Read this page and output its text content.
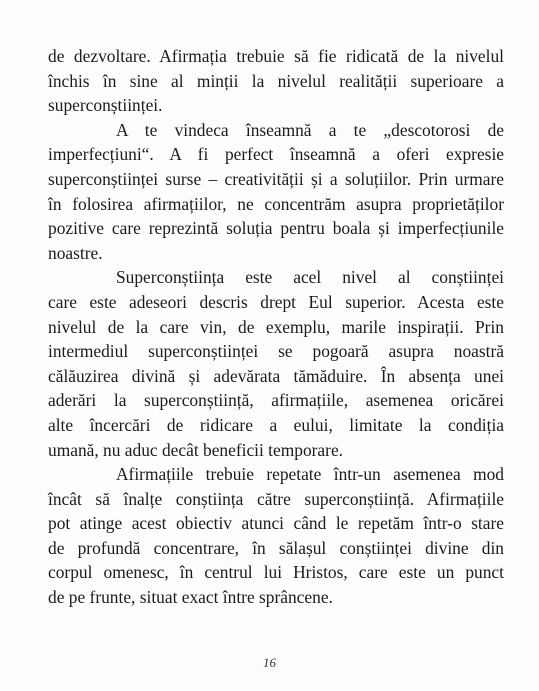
de dezvoltare. Afirmația trebuie să fie ridicată de la nivelul
închis în sine al minții la nivelul realității superioare a
superconștiinței.

A te vindeca înseamnă a te „descotorosi de
imperfecțiuni“. A fi perfect înseamnă a oferi expresie
superconștiinței surse – creativității și a soluțiilor. Prin urmare
în folosirea afirmațiilor, ne concentrăm asupra proprietăților
pozitive care reprezintă soluția pentru boala și imperfecțiunile
noastre.

Superconștiința este acel nivel al conștiinței
care este adeseori descris drept Eul superior. Acesta este
nivelul de la care vin, de exemplu, marile inspirații. Prin
intermediul superconștiinței se pogoară asupra noastră
călăuzirea divină și adevărata tămăduire. În absența unei
aderări la superconștiință, afirmațiile, asemenea oricărei
alte încercări de ridicare a eului, limitate la condiția
umană, nu aduc decât beneficii temporare.

Afirmațiile trebuie repetate într-un asemenea mod
încât să înalțe conștiința către superconștiință. Afirmațiile
pot atinge acest obiectiv atunci când le repetăm într-o stare
de profundă concentrare, în sălașul conștiinței divine din
corpul omenesc, în centrul lui Hristos, care este un punct
de pe frunte, situat exact între sprâncene.

16
